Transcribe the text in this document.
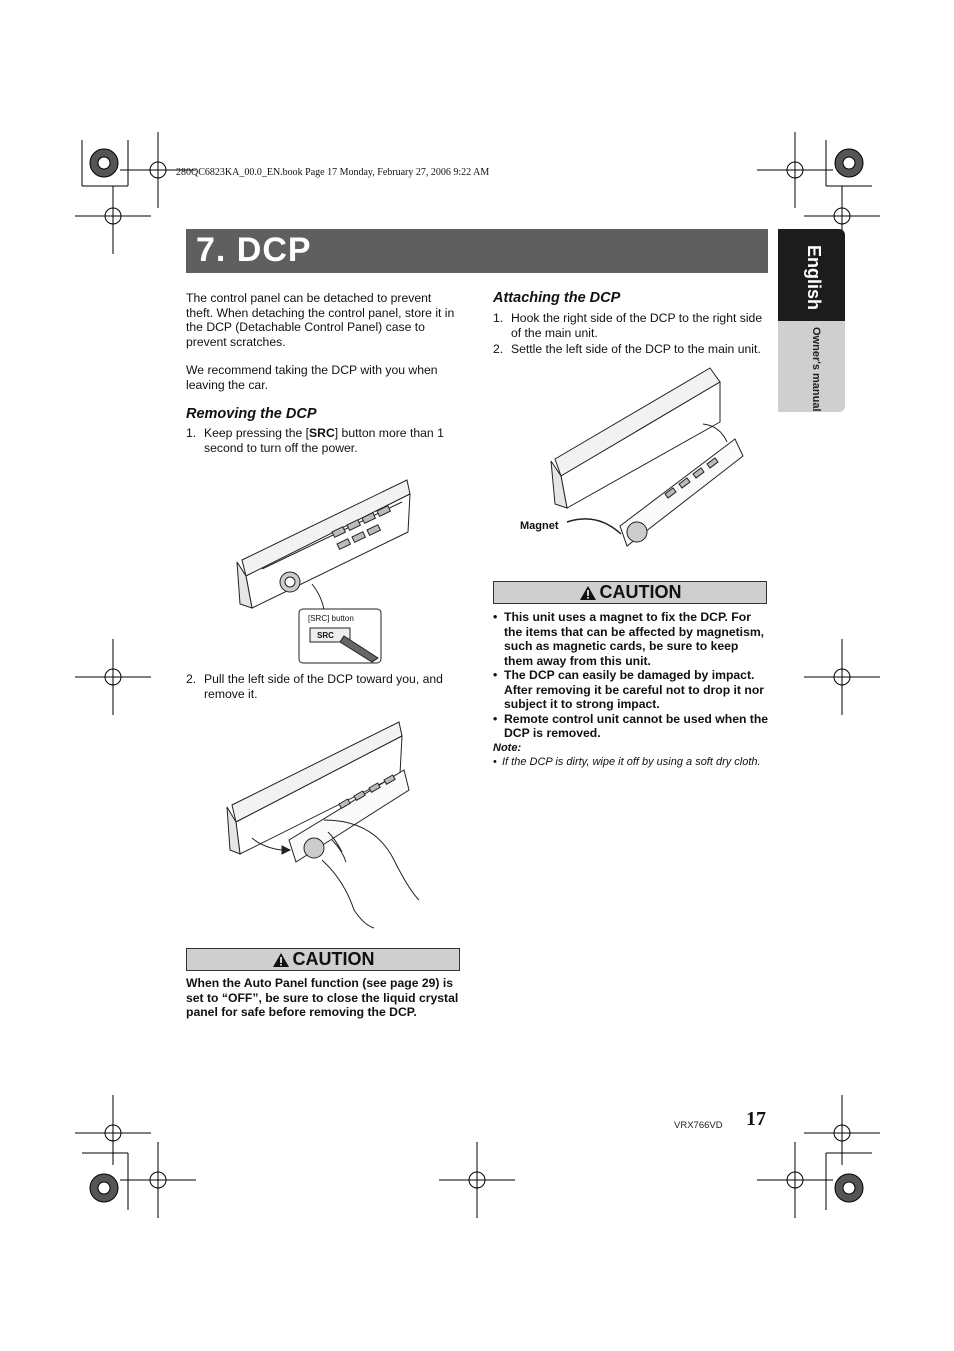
280QC6823KA_00.0_EN.book Page 17 Monday, February 27, 2006 9:22 AM
7. DCP	English
Owner's manual
The control panel can be detached to prevent theft. When detaching the control panel, store it in the DCP (Detachable Control Panel) case to prevent scratches.
We recommend taking the DCP with you when leaving the car.
Removing the DCP
1. Keep pressing the [SRC] button more than 1 second to turn off the power.
[SRC] button
SRC
2. Pull the left side of the DCP toward you, and remove it.
CAUTION
When the Auto Panel function (see page 29) is set to “OFF”, be sure to close the liquid crystal panel for safe before removing the DCP.
Attaching the DCP
1. Hook the right side of the DCP to the right side of the main unit.
2. Settle the left side of the DCP to the main unit.
Magnet
CAUTION
• This unit uses a magnet to fix the DCP. For the items that can be affected by magnetism, such as magnetic cards, be sure to keep them away from this unit.
• The DCP can easily be damaged by impact. After removing it be careful not to drop it nor subject it to strong impact.
• Remote control unit cannot be used when the DCP is removed.
Note:
• If the DCP is dirty, wipe it off by using a soft dry cloth.
VRX766VD 17
